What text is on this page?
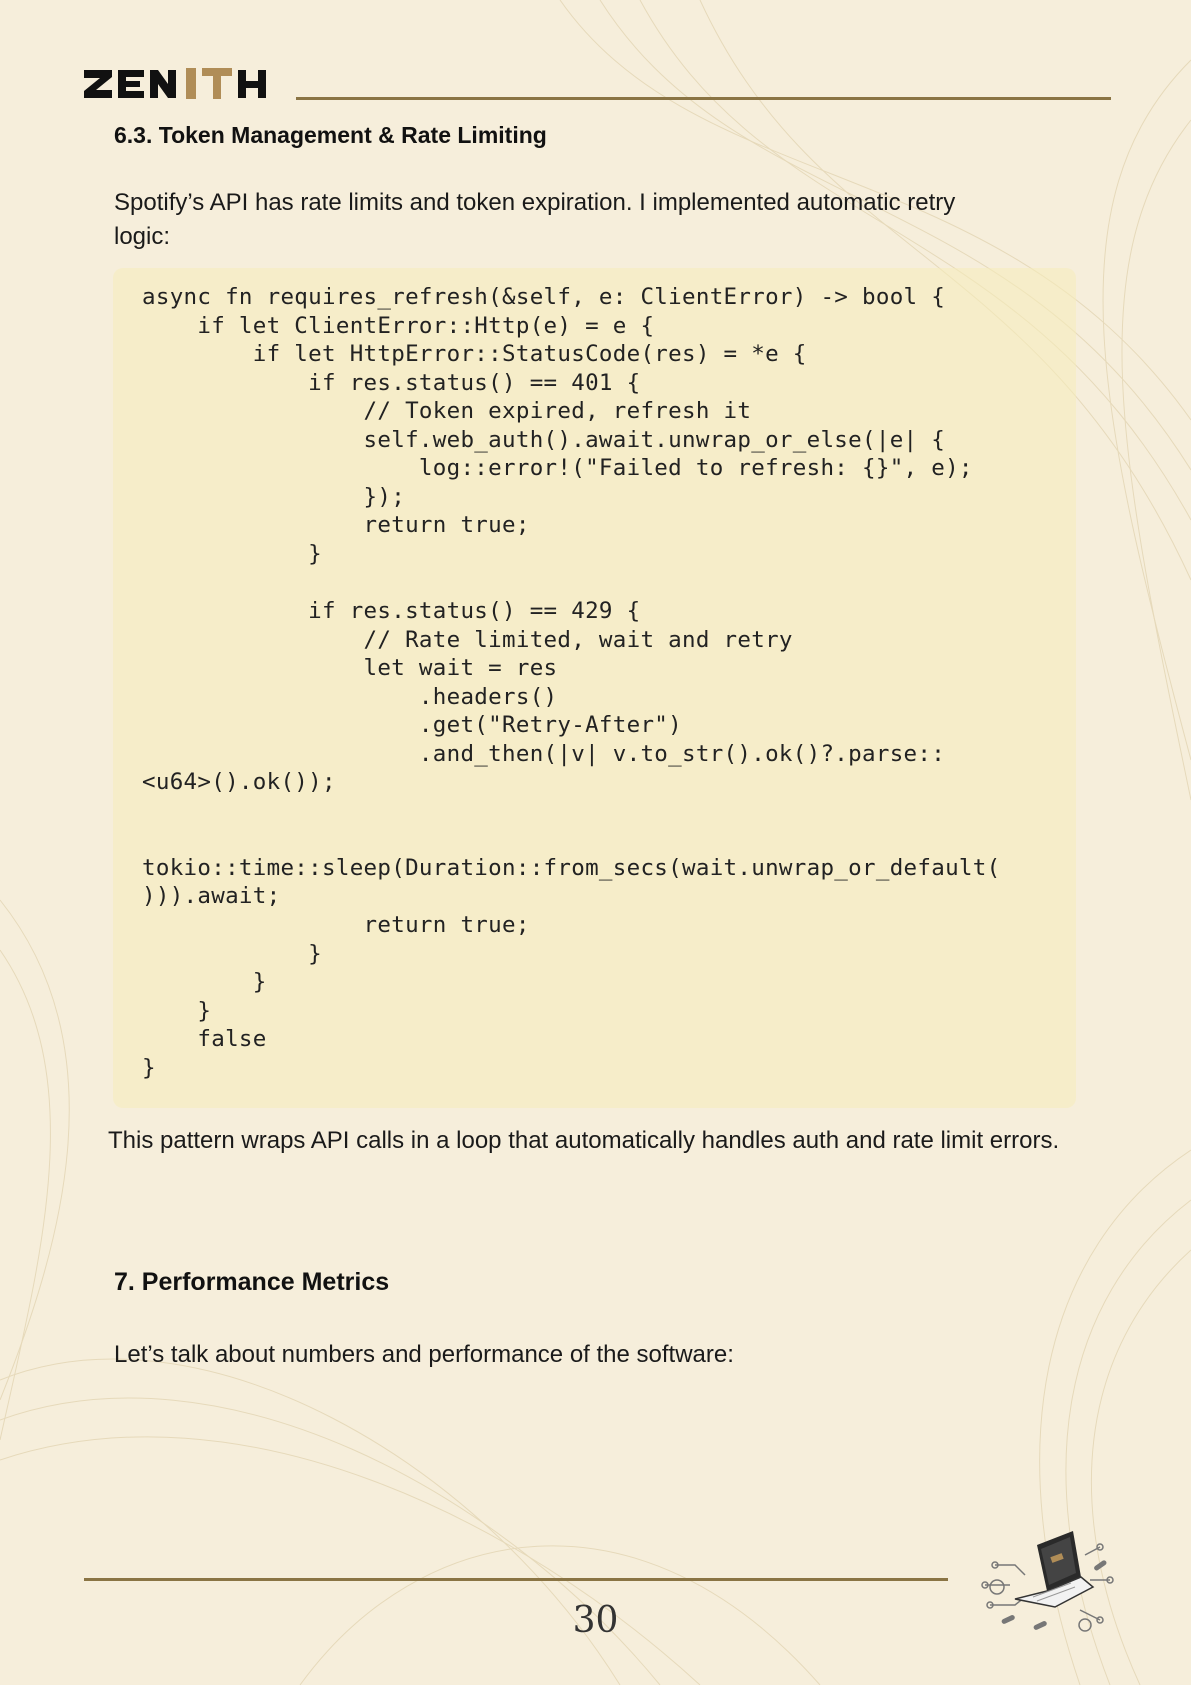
6.3. Token Management & Rate Limiting

Spotify’s API has rate limits and token expiration. I implemented automatic retry logic:

async fn requires_refresh(&self, e: ClientError) -> bool {
if let ClientError::Http(e) = e {
if let HttpError::StatusCode(res) = *e {
if res.status() == 401 {
// Token expired, refresh it
self.web_auth().await.unwrap_or_else(|e| {
log::error!("Failed to refresh: {}", e);
});
return true;
}

if res.status() == 429 {
// Rate limited, wait and retry
let wait = res
.headers()
.get("Retry-After")
.and_then(|v| v.to_str().ok()?.parse::
<u64>().ok());

tokio::time::sleep(Duration::from_secs(wait.unwrap_or_default(
))).await;
return true;
}
}
}
false
}

This pattern wraps API calls in a loop that automatically handles auth and rate limit errors.

7. Performance Metrics

Let’s talk about numbers and performance of the software:

30
